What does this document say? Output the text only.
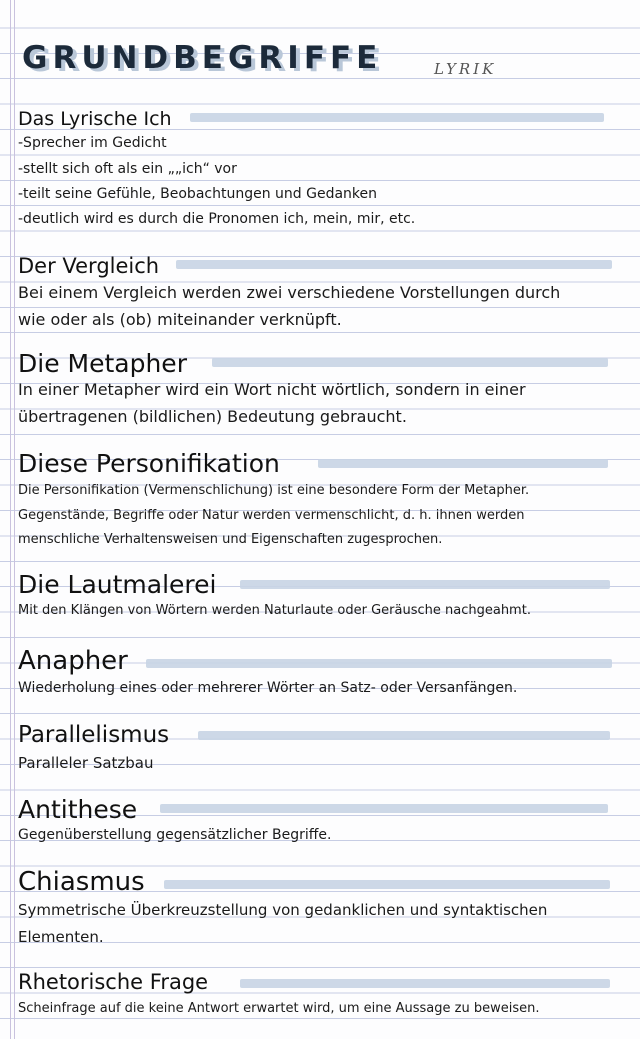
GRUNDBEGRIFFE	LYRIK
Das Lyrische Ich
-Sprecher im Gedicht
-stellt sich oft als ein „„ich“ vor
-teilt seine Gefühle, Beobachtungen und Gedanken
-deutlich wird es durch die Pronomen ich, mein, mir, etc.
Der Vergleich
Bei einem Vergleich werden zwei verschiedene Vorstellungen durch
wie oder als (ob) miteinander verknüpft.
Die Metapher
In einer Metapher wird ein Wort nicht wörtlich, sondern in einer
übertragenen (bildlichen) Bedeutung gebraucht.
Diese Personifikation
Die Personifikation (Vermenschlichung) ist eine besondere Form der Metapher.
Gegenstände, Begriffe oder Natur werden vermenschlicht, d. h. ihnen werden
menschliche Verhaltensweisen und Eigenschaften zugesprochen.
Die Lautmalerei
Mit den Klängen von Wörtern werden Naturlaute oder Geräusche nachgeahmt.
Anapher
Wiederholung eines oder mehrerer Wörter an Satz- oder Versanfängen.
Parallelismus
Paralleler Satzbau
Antithese
Gegenüberstellung gegensätzlicher Begriffe.
Chiasmus
Symmetrische Überkreuzstellung von gedanklichen und syntaktischen
Elementen.
Rhetorische Frage
Scheinfrage auf die keine Antwort erwartet wird, um eine Aussage zu beweisen.
